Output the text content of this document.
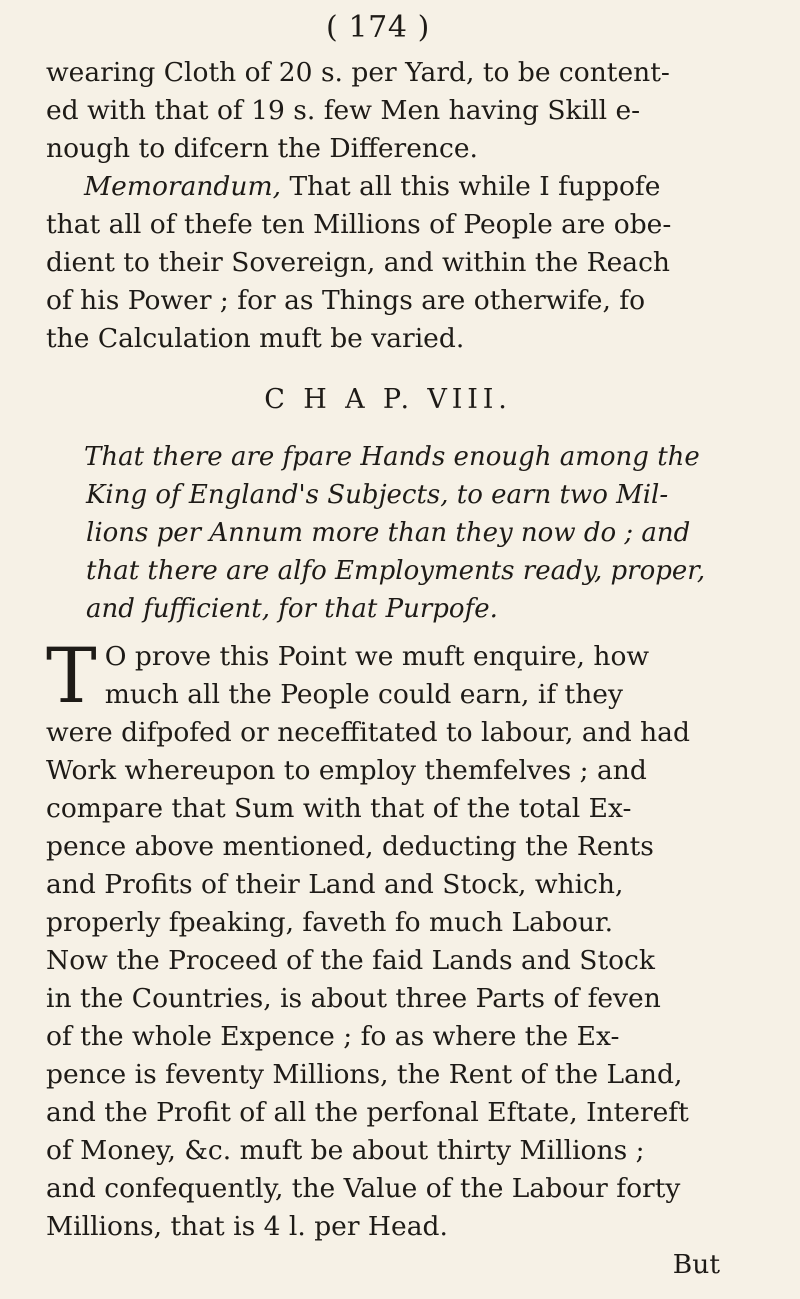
( 174 )

wearing Cloth of 20 s. per Yard, to be content-
ed with that of 19 s. few Men having Skill e-
nough to difcern the Difference.

Memorandum, That all this while I fuppofe
that all of thefe ten Millions of People are obe-
dient to their Sovereign, and within the Reach
of his Power ; for as Things are otherwife, fo
the Calculation muft be varied.

C H A P. VIII.
That there are fpare Hands enough among the
King of England's Subjects, to earn two Mil-
lions per Annum more than they now do ; and
that there are alfo Employments ready, proper,
and fufficient, for that Purpofe.
T O prove this Point we muft enquire, how
much all the People could earn, if they
were difpofed or neceffitated to labour, and had
Work whereupon to employ themfelves ; and
compare that Sum with that of the total Ex-
pence above mentioned, deducting the Rents
and Profits of their Land and Stock, which,
properly fpeaking, faveth fo much Labour.
Now the Proceed of the faid Lands and Stock
in the Countries, is about three Parts of feven
of the whole Expence ; fo as where the Ex-
pence is feventy Millions, the Rent of the Land,
and the Profit of all the perfonal Eftate, Intereft
of Money, &c. muft be about thirty Millions ;
and confequently, the Value of the Labour forty
Millions, that is 4 l. per Head.
But
